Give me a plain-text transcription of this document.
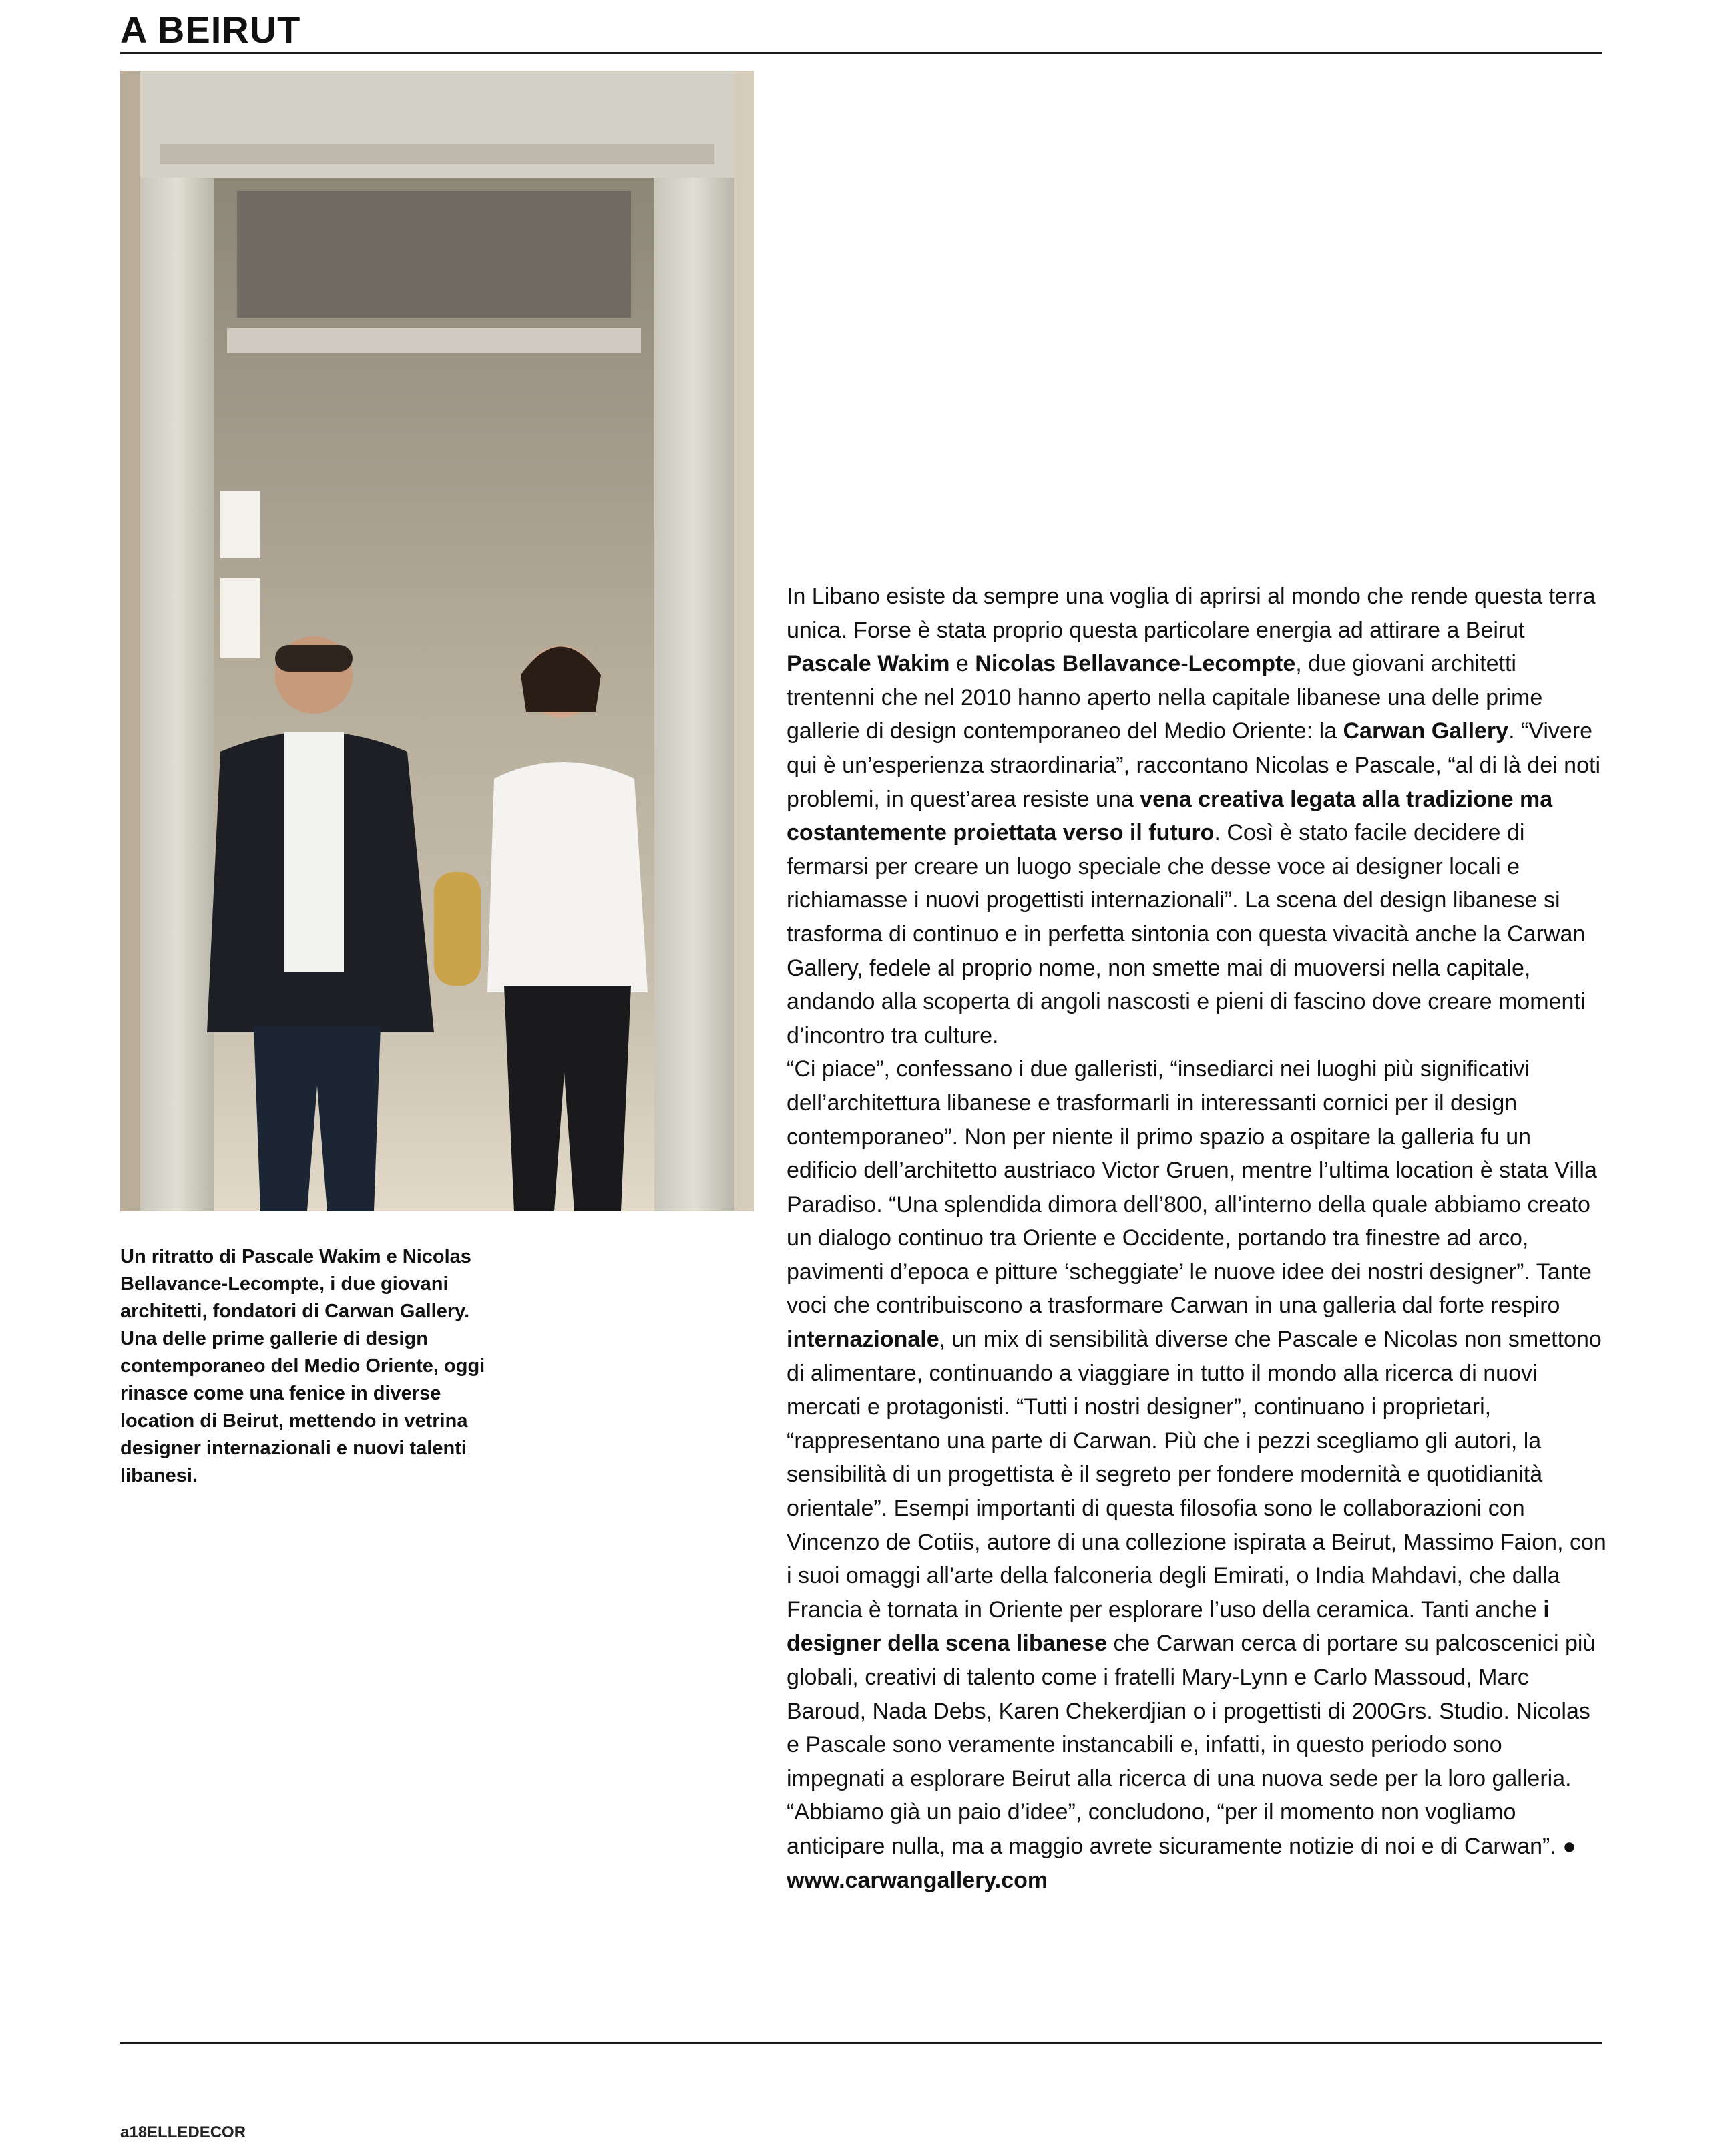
A BEIRUT

Un ritratto di Pascale Wakim e Nicolas Bellavance-Lecompte, i due giovani architetti, fondatori di Carwan Gallery. Una delle prime gallerie di design contemporaneo del Medio Oriente, oggi rinasce come una fenice in diverse location di Beirut, mettendo in vetrina designer internazionali e nuovi talenti libanesi.

In Libano esiste da sempre una voglia di aprirsi al mondo che rende questa terra unica. Forse è stata proprio questa particolare energia ad attirare a Beirut Pascale Wakim e Nicolas Bellavance-Lecompte, due giovani architetti trentenni che nel 2010 hanno aperto nella capitale libanese una delle prime gallerie di design contemporaneo del Medio Oriente: la Carwan Gallery. “Vivere qui è un’esperienza straordinaria”, raccontano Nicolas e Pascale, “al di là dei noti problemi, in quest’area resiste una vena creativa legata alla tradizione ma costantemente proiettata verso il futuro. Così è stato facile decidere di fermarsi per creare un luogo speciale che desse voce ai designer locali e richiamasse i nuovi progettisti internazionali”. La scena del design libanese si trasforma di continuo e in perfetta sintonia con questa vivacità anche la Carwan Gallery, fedele al proprio nome, non smette mai di muoversi nella capitale, andando alla scoperta di angoli nascosti e pieni di fascino dove creare momenti d’incontro tra culture.
“Ci piace”, confessano i due galleristi, “insediarci nei luoghi più significativi dell’architettura libanese e trasformarli in interessanti cornici per il design contemporaneo”. Non per niente il primo spazio a ospitare la galleria fu un edificio dell’architetto austriaco Victor Gruen, mentre l’ultima location è stata Villa Paradiso. “Una splendida dimora dell’800, all’interno della quale abbiamo creato un dialogo continuo tra Oriente e Occidente, portando tra finestre ad arco, pavimenti d’epoca e pitture ‘scheggiate’ le nuove idee dei nostri designer”. Tante voci che contribuiscono a trasformare Carwan in una galleria dal forte respiro internazionale, un mix di sensibilità diverse che Pascale e Nicolas non smettono di alimentare, continuando a viaggiare in tutto il mondo alla ricerca di nuovi mercati e protagonisti. “Tutti i nostri designer”, continuano i proprietari, “rappresentano una parte di Carwan. Più che i pezzi scegliamo gli autori, la sensibilità di un progettista è il segreto per fondere modernità e quotidianità orientale”. Esempi importanti di questa filosofia sono le collaborazioni con Vincenzo de Cotiis, autore di una collezione ispirata a Beirut, Massimo Faion, con i suoi omaggi all’arte della falconeria degli Emirati, o India Mahdavi, che dalla Francia è tornata in Oriente per esplorare l’uso della ceramica. Tanti anche i designer della scena libanese che Carwan cerca di portare su palcoscenici più globali, creativi di talento come i fratelli Mary-Lynn e Carlo Massoud, Marc Baroud, Nada Debs, Karen Chekerdjian o i progettisti di 200Grs. Studio. Nicolas e Pascale sono veramente instancabili e, infatti, in questo periodo sono impegnati a esplorare Beirut alla ricerca di una nuova sede per la loro galleria. “Abbiamo già un paio d’idee”, concludono, “per il momento non vogliamo anticipare nulla, ma a maggio avrete sicuramente notizie di noi e di Carwan”. ●
www.carwangallery.com

a18ELLEDECOR
